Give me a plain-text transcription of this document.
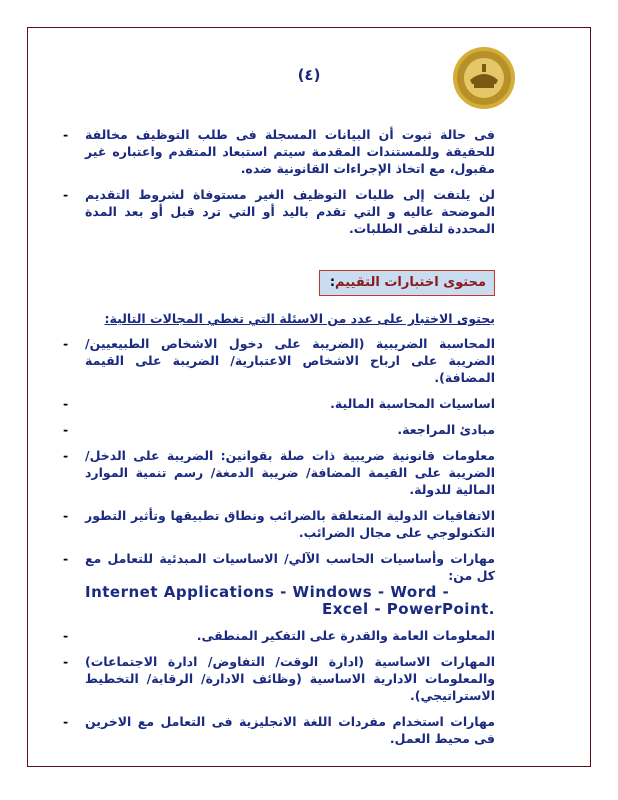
(٤)
- فى حالة ثبوت أن البيانات المسجلة فى طلب التوظيف مخالفة للحقيقة وللمستندات المقدمة سيتم استبعاد المتقدم واعتباره غير مقبول، مع اتخاذ الإجراءات القانونية ضده.
- لن يلتفت إلى طلبات التوظيف الغير مستوفاة لشروط التقديم الموضحة عاليه و التي تقدم باليد أو التي ترد قبل أو بعد المدة المحددة لتلقى الطلبات.
محتوى اختبارات التقييم:
يحتوى الاختبار على عدد من الاسئلة التي تغطي المجالات التالية:
- المحاسبة الضريبية (الضريبة على دخول الاشخاص الطبيعيين/ الضريبة على ارباح الاشخاص الاعتبارية/ الضريبة على القيمة المضافة).
-	اساسيات المحاسبة المالية.
-	مبادئ المراجعة.
- معلومات قانونية ضريبية ذات صلة بقوانين: الضريبة على الدخل/ الضريبة على القيمة المضافة/ ضريبة الدمغة/ رسم تنمية الموارد المالية للدولة.
- الاتفاقيات الدولية المتعلقة بالضرائب ونطاق تطبيقها وتأثير التطور التكنولوجي على مجال الضرائب.
- مهارات وأساسيات الحاسب الآلي/ الاساسيات المبدئية للتعامل مع كل من:
Internet Applications - Windows - Word -
Excel - PowerPoint.
-	المعلومات العامة والقدرة على التفكير المنطقى.
- المهارات الاساسية (ادارة الوقت/ التفاوض/ ادارة الاجتماعات) والمعلومات الادارية الاساسية (وظائف الادارة/ الرقابة/ التخطيط الاستراتيجي).
- مهارات استخدام مفردات اللغة الانجليزية فى التعامل مع الاخرين فى محيط العمل.
